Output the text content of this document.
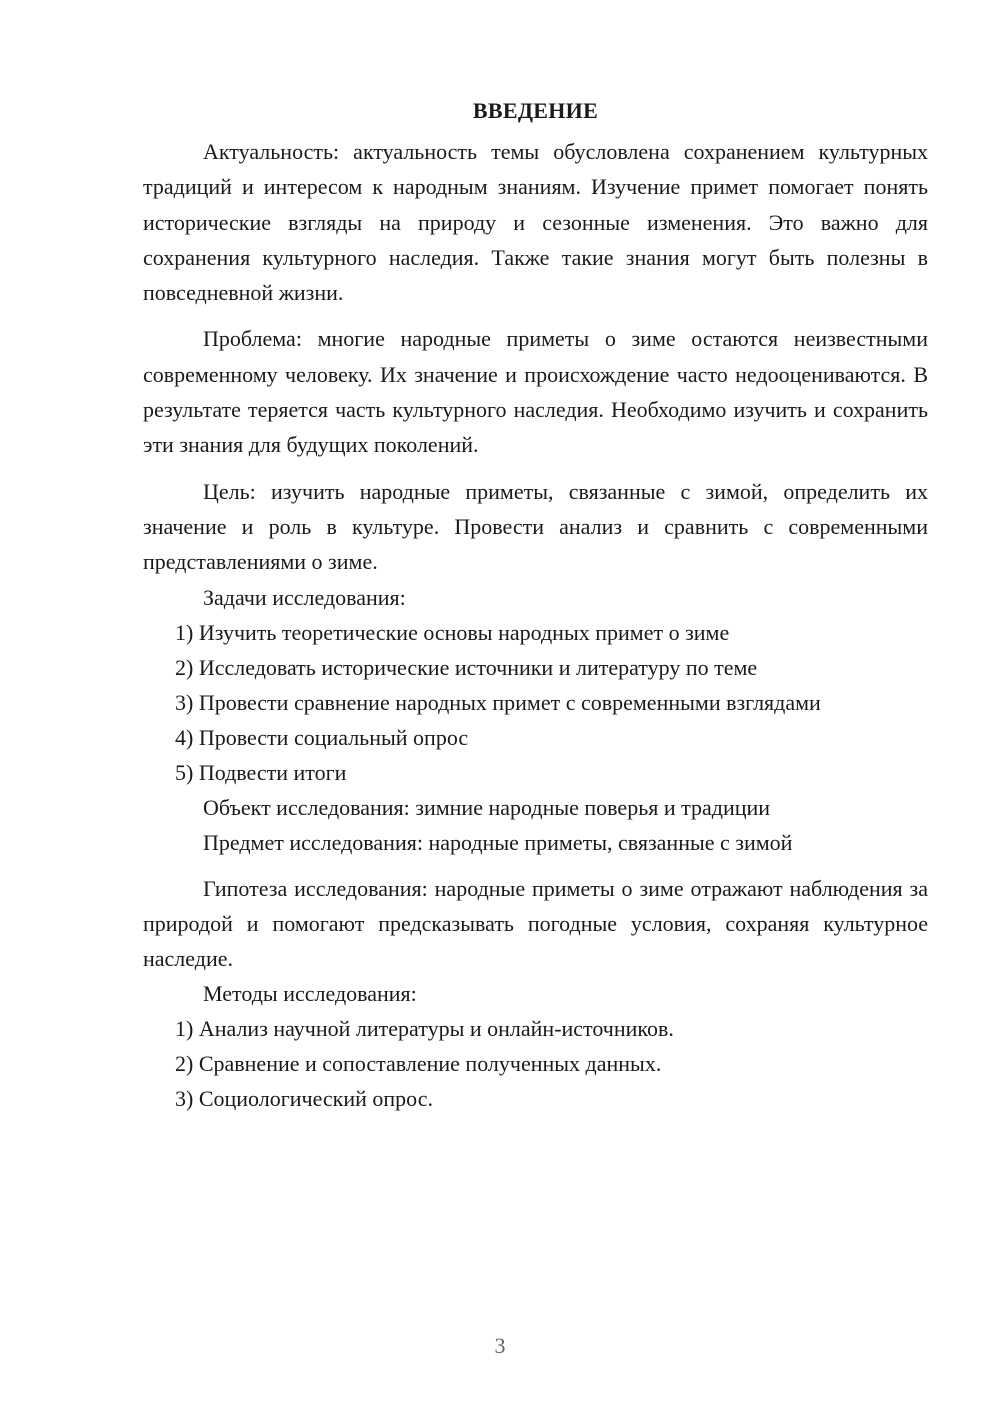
ВВЕДЕНИЕ

Актуальность: актуальность темы обусловлена сохранением культурных традиций и интересом к народным знаниям. Изучение примет помогает понять исторические взгляды на природу и сезонные изменения. Это важно для сохранения культурного наследия. Также такие знания могут быть полезны в повседневной жизни.

Проблема: многие народные приметы о зиме остаются неизвестными современному человеку. Их значение и происхождение часто недооцениваются. В результате теряется часть культурного наследия. Необходимо изучить и сохранить эти знания для будущих поколений.

Цель: изучить народные приметы, связанные с зимой, определить их значение и роль в культуре. Провести анализ и сравнить с современными представлениями о зиме.

Задачи исследования:

1) Изучить теоретические основы народных примет о зиме

2) Исследовать исторические источники и литературу по теме

3) Провести сравнение народных примет с современными взглядами

4) Провести социальный опрос

5) Подвести итоги

Объект исследования: зимние народные поверья и традиции

Предмет исследования: народные приметы, связанные с зимой

Гипотеза исследования: народные приметы о зиме отражают наблюдения за природой и помогают предсказывать погодные условия, сохраняя культурное наследие.

Методы исследования:

1) Анализ научной литературы и онлайн-источников.

2) Сравнение и сопоставление полученных данных.

3) Социологический опрос.

3
